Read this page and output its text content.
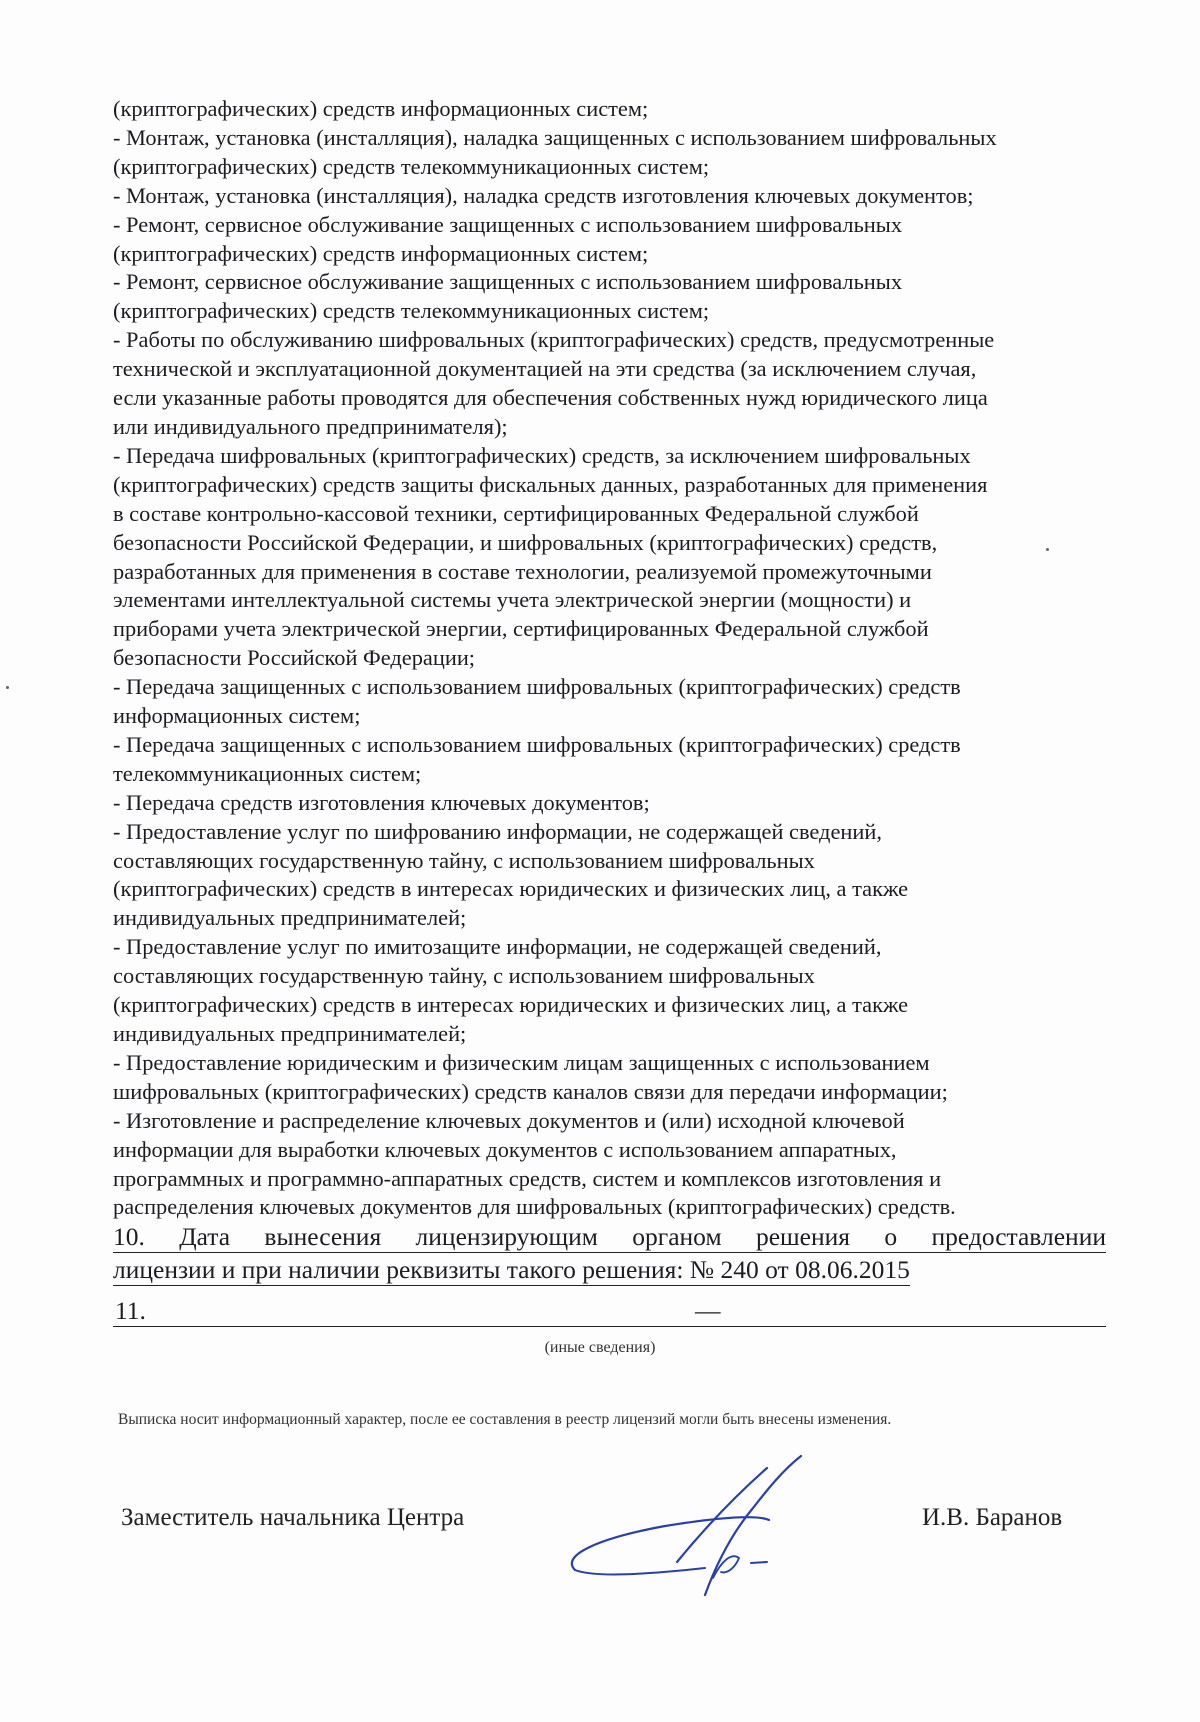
(криптографических) средств информационных систем;
- Монтаж, установка (инсталляция), наладка защищенных с использованием шифровальных
(криптографических) средств телекоммуникационных систем;
- Монтаж, установка (инсталляция), наладка средств изготовления ключевых документов;
- Ремонт, сервисное обслуживание защищенных с использованием шифровальных
(криптографических) средств информационных систем;
- Ремонт, сервисное обслуживание защищенных с использованием шифровальных
(криптографических) средств телекоммуникационных систем;
- Работы по обслуживанию шифровальных (криптографических) средств, предусмотренные
технической и эксплуатационной документацией на эти средства (за исключением случая,
если указанные работы проводятся для обеспечения собственных нужд юридического лица
или индивидуального предпринимателя);
- Передача шифровальных (криптографических) средств, за исключением шифровальных
(криптографических) средств защиты фискальных данных, разработанных для применения
в составе контрольно-кассовой техники, сертифицированных Федеральной службой
безопасности Российской Федерации, и шифровальных (криптографических) средств,
разработанных для применения в составе технологии, реализуемой промежуточными
элементами интеллектуальной системы учета электрической энергии (мощности) и
приборами учета электрической энергии, сертифицированных Федеральной службой
безопасности Российской Федерации;
- Передача защищенных с использованием шифровальных (криптографических) средств
информационных систем;
- Передача защищенных с использованием шифровальных (криптографических) средств
телекоммуникационных систем;
- Передача средств изготовления ключевых документов;
- Предоставление услуг по шифрованию информации, не содержащей сведений,
составляющих государственную тайну, с использованием шифровальных
(криптографических) средств в интересах юридических и физических лиц, а также
индивидуальных предпринимателей;
- Предоставление услуг по имитозащите информации, не содержащей сведений,
составляющих государственную тайну, с использованием шифровальных
(криптографических) средств в интересах юридических и физических лиц, а также
индивидуальных предпринимателей;
- Предоставление юридическим и физическим лицам защищенных с использованием
шифровальных (криптографических) средств каналов связи для передачи информации;
- Изготовление и распределение ключевых документов и (или) исходной ключевой
информации для выработки ключевых документов с использованием аппаратных,
программных и программно-аппаратных средств, систем и комплексов изготовления и
распределения ключевых документов для шифровальных (криптографических) средств.
10. Дата вынесения лицензирующим органом решения о предоставлении
лицензии и при наличии реквизиты такого решения: № 240 от 08.06.2015
11.	—
(иные сведения)
Выписка носит информационный характер, после ее составления в реестр лицензий могли быть внесены изменения.
Заместитель начальника Центра	И.В. Баранов
